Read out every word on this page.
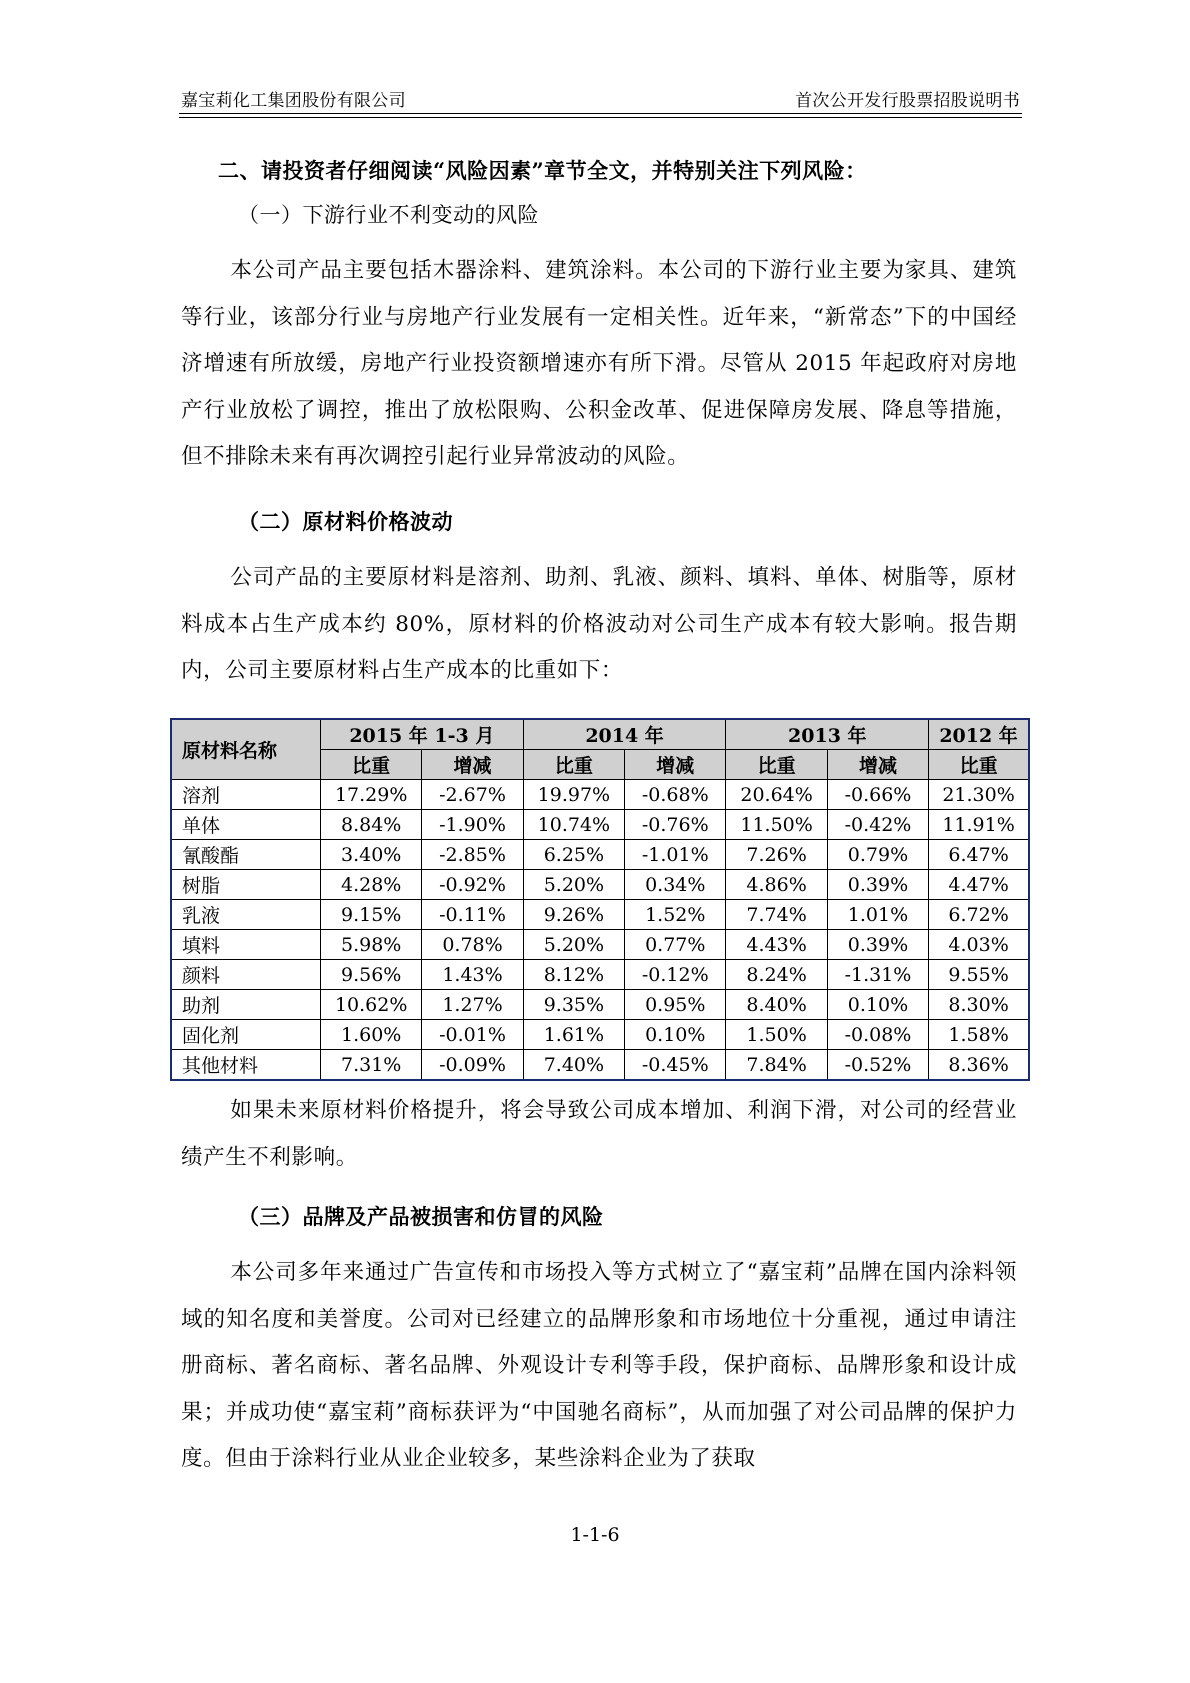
嘉宝莉化工集团股份有限公司	首次公开发行股票招股说明书
二、请投资者仔细阅读“风险因素”章节全文，并特别关注下列风险：
（一）下游行业不利变动的风险
本公司产品主要包括木器涂料、建筑涂料。本公司的下游行业主要为家具、建筑等行业，该部分行业与房地产行业发展有一定相关性。近年来，“新常态”下的中国经济增速有所放缓，房地产行业投资额增速亦有所下滑。尽管从 2015 年起政府对房地产行业放松了调控，推出了放松限购、公积金改革、促进保障房发展、降息等措施，但不排除未来有再次调控引起行业异常波动的风险。
（二）原材料价格波动
公司产品的主要原材料是溶剂、助剂、乳液、颜料、填料、单体、树脂等，原材料成本占生产成本约 80%，原材料的价格波动对公司生产成本有较大影响。报告期内，公司主要原材料占生产成本的比重如下：
原材料名称	2015 年 1-3 月		2014 年		2013 年		2012 年
	比重	增减	比重	增减	比重	增减	比重
溶剂	17.29%	-2.67%	19.97%	-0.68%	20.64%	-0.66%	21.30%
单体	8.84%	-1.90%	10.74%	-0.76%	11.50%	-0.42%	11.91%
氰酸酯	3.40%	-2.85%	6.25%	-1.01%	7.26%	0.79%	6.47%
树脂	4.28%	-0.92%	5.20%	0.34%	4.86%	0.39%	4.47%
乳液	9.15%	-0.11%	9.26%	1.52%	7.74%	1.01%	6.72%
填料	5.98%	0.78%	5.20%	0.77%	4.43%	0.39%	4.03%
颜料	9.56%	1.43%	8.12%	-0.12%	8.24%	-1.31%	9.55%
助剂	10.62%	1.27%	9.35%	0.95%	8.40%	0.10%	8.30%
固化剂	1.60%	-0.01%	1.61%	0.10%	1.50%	-0.08%	1.58%
其他材料	7.31%	-0.09%	7.40%	-0.45%	7.84%	-0.52%	8.36%
如果未来原材料价格提升，将会导致公司成本增加、利润下滑，对公司的经营业绩产生不利影响。
（三）品牌及产品被损害和仿冒的风险
本公司多年来通过广告宣传和市场投入等方式树立了“嘉宝莉”品牌在国内涂料领域的知名度和美誉度。公司对已经建立的品牌形象和市场地位十分重视，通过申请注册商标、著名商标、著名品牌、外观设计专利等手段，保护商标、品牌形象和设计成果；并成功使“嘉宝莉”商标获评为“中国驰名商标”，从而加强了对公司品牌的保护力度。但由于涂料行业从业企业较多，某些涂料企业为了获取
1-1-6
